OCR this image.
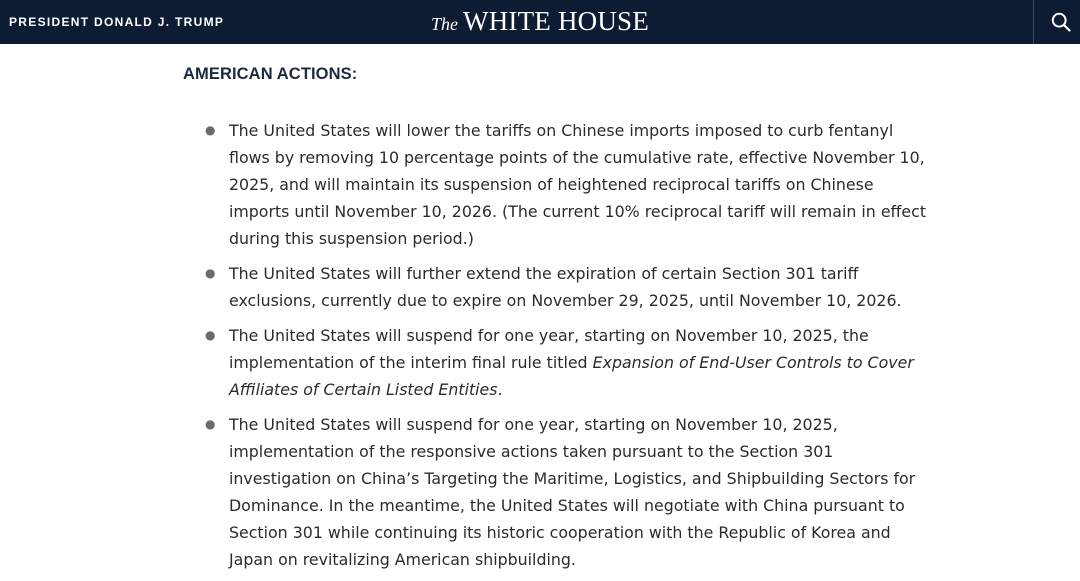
PRESIDENT DONALD J. TRUMP	The WHITE HOUSE
AMERICAN ACTIONS:
● The United States will lower the tariffs on Chinese imports imposed to curb fentanyl
flows by removing 10 percentage points of the cumulative rate, effective November 10,
2025, and will maintain its suspension of heightened reciprocal tariffs on Chinese
imports until November 10, 2026. (The current 10% reciprocal tariff will remain in effect
during this suspension period.)
● The United States will further extend the expiration of certain Section 301 tariff
exclusions, currently due to expire on November 29, 2025, until November 10, 2026.
● The United States will suspend for one year, starting on November 10, 2025, the
implementation of the interim final rule titled Expansion of End-User Controls to Cover
Affiliates of Certain Listed Entities.
● The United States will suspend for one year, starting on November 10, 2025,
implementation of the responsive actions taken pursuant to the Section 301
investigation on China’s Targeting the Maritime, Logistics, and Shipbuilding Sectors for
Dominance. In the meantime, the United States will negotiate with China pursuant to
Section 301 while continuing its historic cooperation with the Republic of Korea and
Japan on revitalizing American shipbuilding.
